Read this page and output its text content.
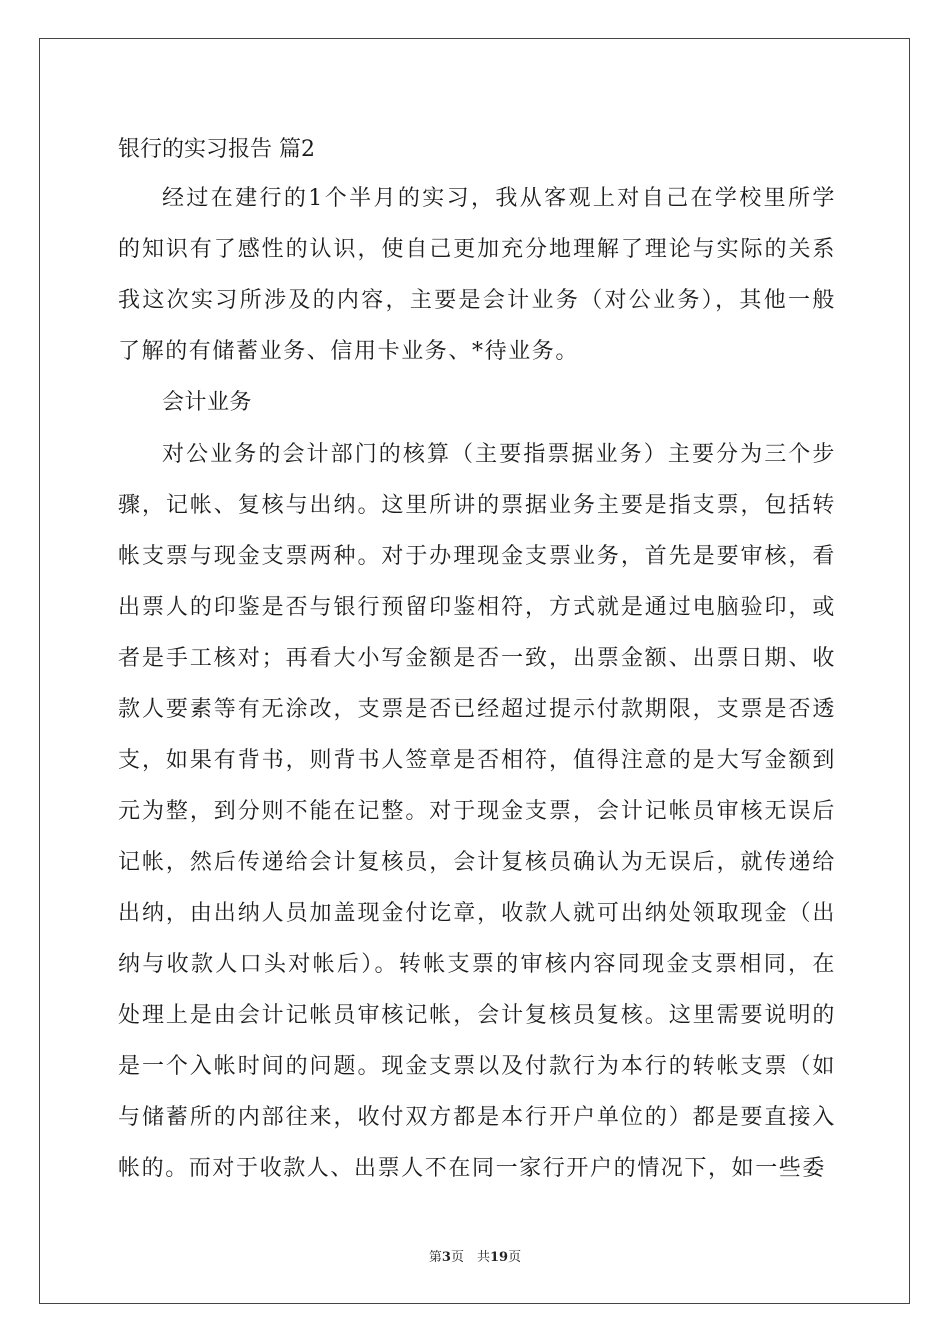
银行的实习报告 篇2

经过在建行的1个半月的实习，我从客观上对自己在学校里所学的知识有了感性的认识，使自己更加充分地理解了理论与实际的关系我这次实习所涉及的内容，主要是会计业务（对公业务），其他一般了解的有储蓄业务、信用卡业务、*待业务。

会计业务

对公业务的会计部门的核算（主要指票据业务）主要分为三个步骤，记帐、复核与出纳。这里所讲的票据业务主要是指支票，包括转帐支票与现金支票两种。对于办理现金支票业务，首先是要审核，看出票人的印鉴是否与银行预留印鉴相符，方式就是通过电脑验印，或者是手工核对；再看大小写金额是否一致，出票金额、出票日期、收款人要素等有无涂改，支票是否已经超过提示付款期限，支票是否透支，如果有背书，则背书人签章是否相符，值得注意的是大写金额到元为整，到分则不能在记整。对于现金支票，会计记帐员审核无误后记帐，然后传递给会计复核员，会计复核员确认为无误后，就传递给出纳，由出纳人员加盖现金付讫章，收款人就可出纳处领取现金（出纳与收款人口头对帐后）。转帐支票的审核内容同现金支票相同，在处理上是由会计记帐员审核记帐，会计复核员复核。这里需要说明的是一个入帐时间的问题。现金支票以及付款行为本行的转帐支票（如与储蓄所的内部往来，收付双方都是本行开户单位的）都是要直接入帐的。而对于收款人、出票人不在同一家行开户的情况下，如一些委

第3页　共19页
